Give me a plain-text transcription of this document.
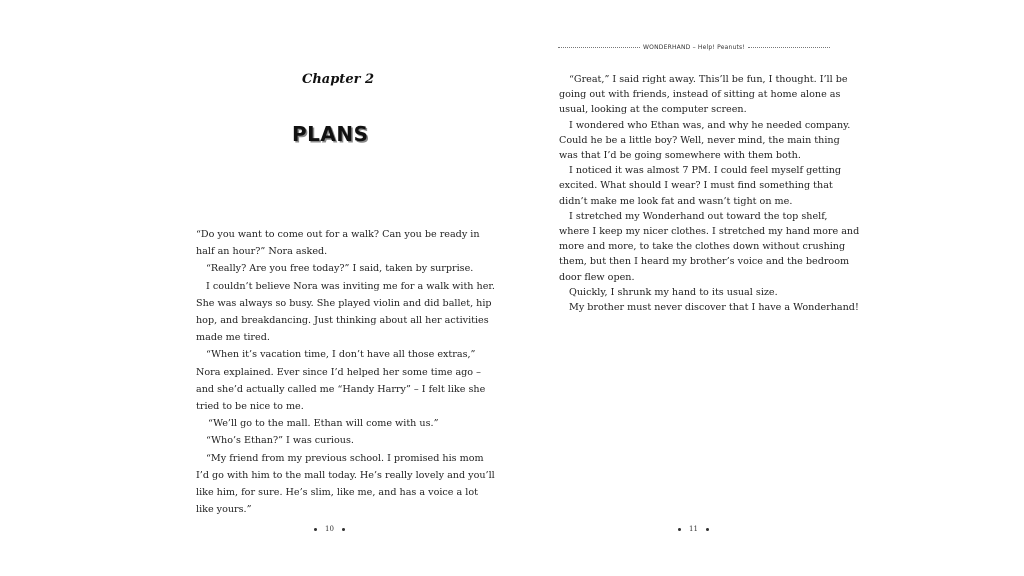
Chapter 2
PLANS

“Do you want to come out for a walk? Can you be ready in

half an hour?” Nora asked.

“Really? Are you free today?” I said, taken by surprise.

I couldn’t believe Nora was inviting me for a walk with her.

She was always so busy. She played violin and did ballet, hip

hop, and breakdancing. Just thinking about all her activities

made me tired.

“When it’s vacation time, I don’t have all those extras,”

Nora explained. Ever since I’d helped her some time ago –

and she’d actually called me “Handy Harry” – I felt like she

tried to be nice to me.

“We’ll go to the mall. Ethan will come with us.”

“Who’s Ethan?” I was curious.

“My friend from my previous school. I promised his mom

I’d go with him to the mall today. He’s really lovely and you’ll

like him, for sure. He’s slim, like me, and has a voice a lot

like yours.”

10
WONDERHAND – Help! Peanuts!

“Great,” I said right away. This’ll be fun, I thought. I’ll be

going out with friends, instead of sitting at home alone as

usual, looking at the computer screen.

I wondered who Ethan was, and why he needed company.

Could he be a little boy? Well, never mind, the main thing

was that I’d be going somewhere with them both.

I noticed it was almost 7 PM. I could feel myself getting

excited. What should I wear? I must find something that

didn’t make me look fat and wasn’t tight on me.

I stretched my Wonderhand out toward the top shelf,

where I keep my nicer clothes. I stretched my hand more and

more and more, to take the clothes down without crushing

them, but then I heard my brother’s voice and the bedroom

door flew open.

Quickly, I shrunk my hand to its usual size.

My brother must never discover that I have a Wonderhand!

11
